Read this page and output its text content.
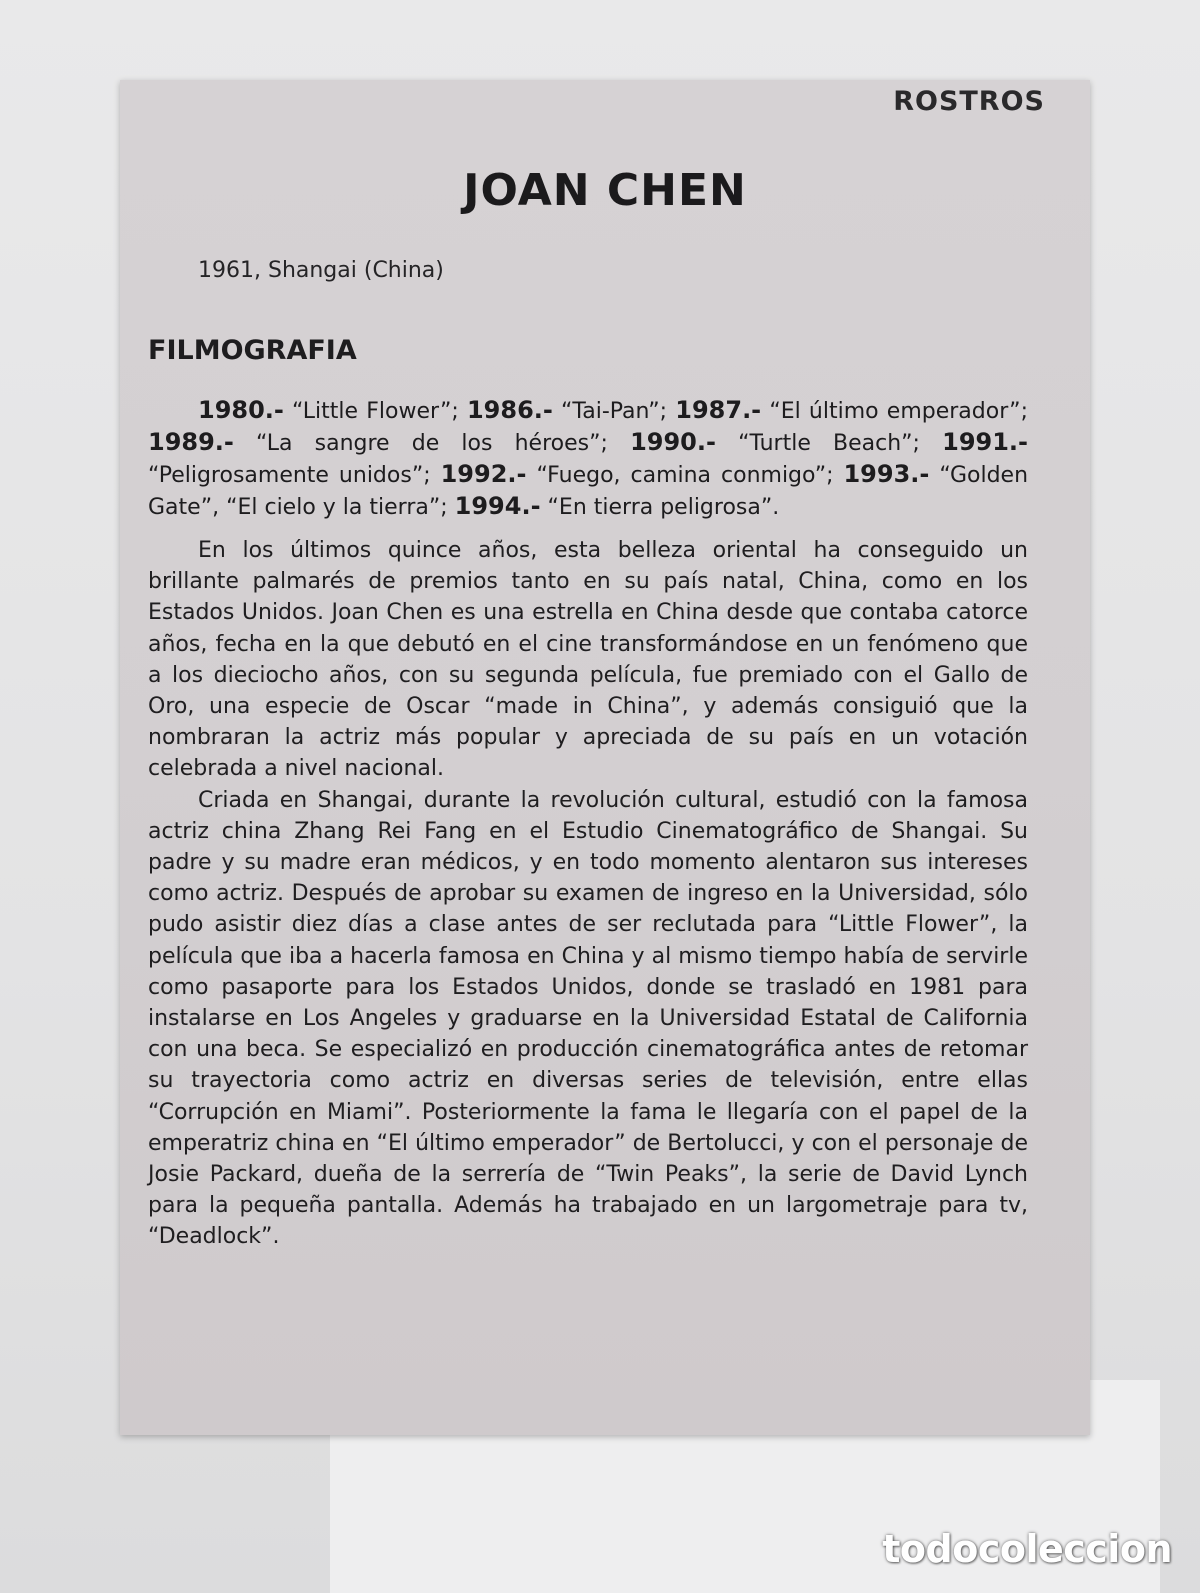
ROSTROS
JOAN CHEN
1961, Shangai (China)
FILMOGRAFIA
1980.- “Little Flower”; 1986.- “Tai-Pan”; 1987.- “El último emperador”; 1989.- “La sangre de los héroes”; 1990.- “Turtle Beach”; 1991.- “Peligrosamente unidos”; 1992.- “Fuego, camina conmigo”; 1993.- “Golden Gate”, “El cielo y la tierra”; 1994.- “En tierra peligrosa”.

En los últimos quince años, esta belleza oriental ha conseguido un brillante palmarés de premios tanto en su país natal, China, como en los Estados Unidos. Joan Chen es una estrella en China desde que contaba catorce años, fecha en la que debutó en el cine transformándose en un fenómeno que a los dieciocho años, con su segunda película, fue premiado con el Gallo de Oro, una especie de Oscar “made in China”, y además consiguió que la nombraran la actriz más popular y apreciada de su país en un votación celebrada a nivel nacional.

Criada en Shangai, durante la revolución cultural, estudió con la famosa actriz china Zhang Rei Fang en el Estudio Cinematográfico de Shangai. Su padre y su madre eran médicos, y en todo momento alentaron sus intereses como actriz. Después de aprobar su examen de ingreso en la Universidad, sólo pudo asistir diez días a clase antes de ser reclutada para “Little Flower”, la película que iba a hacerla famosa en China y al mismo tiempo había de servirle como pasaporte para los Estados Unidos, donde se trasladó en 1981 para instalarse en Los Angeles y graduarse en la Universidad Estatal de California con una beca. Se especializó en producción cinematográfica antes de retomar su trayectoria como actriz en diversas series de televisión, entre ellas “Corrupción en Miami”. Posteriormente la fama le llegaría con el papel de la emperatriz china en “El último emperador” de Bertolucci, y con el personaje de Josie Packard, dueña de la serrería de “Twin Peaks”, la serie de David Lynch para la pequeña pantalla. Además ha trabajado en un largometraje para tv, “Deadlock”.

todocoleccion
